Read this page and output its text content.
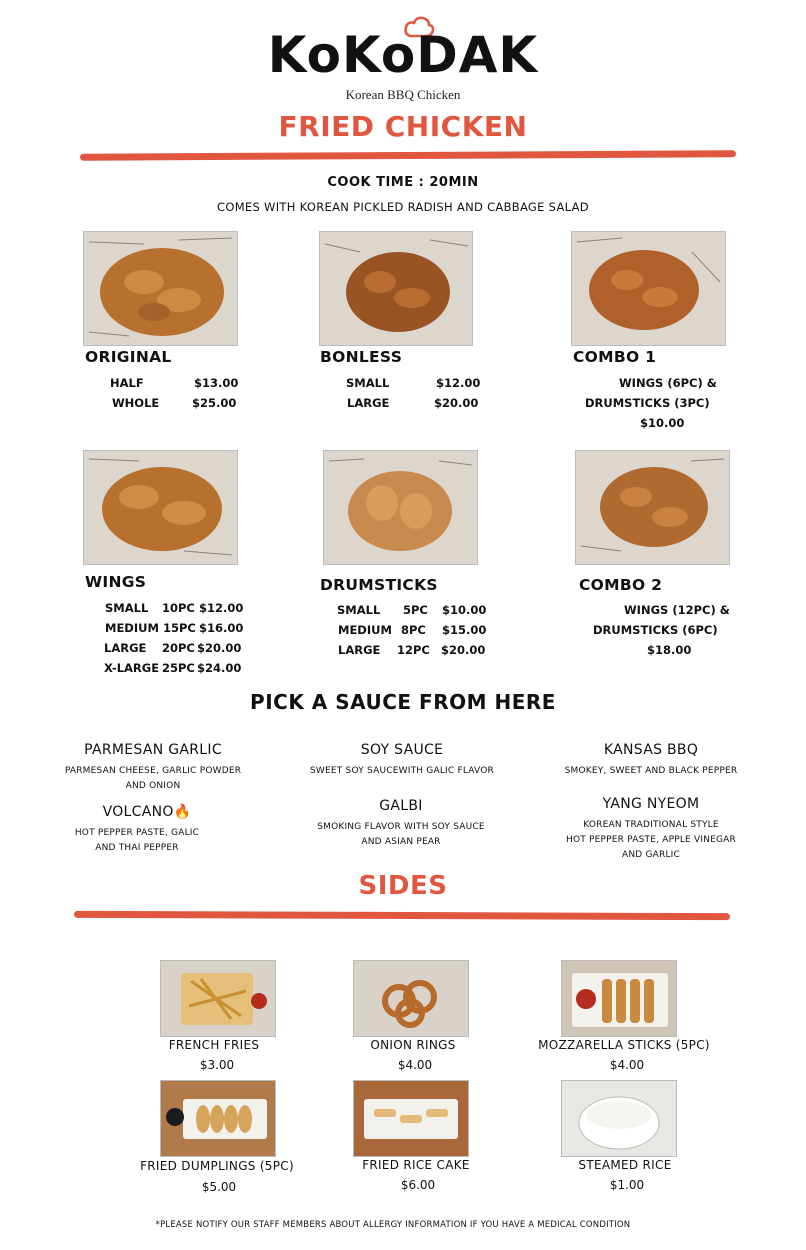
KoKoDAK
Korean BBQ Chicken
FRIED CHICKEN
COOK TIME : 20MIN
COMES WITH KOREAN PICKLED RADISH AND CABBAGE SALAD
ORIGINAL
HALF	$13.00
WHOLE	$25.00
BONLESS
SMALL	$12.00
LARGE	$20.00
COMBO 1
WINGS (6PC) &
DRUMSTICKS (3PC)
$10.00
WINGS
SMALL 10PC $12.00
MEDIUM 15PC $16.00
LARGE 20PC $20.00
X-LARGE 25PC $24.00
DRUMSTICKS
SMALL 5PC $10.00
MEDIUM 8PC $15.00
LARGE 12PC $20.00
COMBO 2
WINGS (12PC) &
DRUMSTICKS (6PC)
$18.00
PICK A SAUCE FROM HERE
PARMESAN GARLIC
PARMESAN CHEESE, GARLIC POWDER
AND ONION
SOY SAUCE
SWEET SOY SAUCEWITH GALIC FLAVOR
KANSAS BBQ
SMOKEY, SWEET AND BLACK PEPPER
VOLCANO🔥
HOT PEPPER PASTE, GALIC
AND THAI PEPPER
GALBI
SMOKING FLAVOR WITH SOY SAUCE
AND ASIAN PEAR
YANG NYEOM
KOREAN TRADITIONAL STYLE
HOT PEPPER PASTE, APPLE VINEGAR
AND GARLIC
SIDES
FRENCH FRIES
$3.00
ONION RINGS
$4.00
MOZZARELLA STICKS (5PC)
$4.00
FRIED DUMPLINGS (5PC)
$5.00
FRIED RICE CAKE
$6.00
STEAMED RICE
$1.00
*PLEASE NOTIFY OUR STAFF MEMBERS ABOUT ALLERGY INFORMATION IF YOU HAVE A MEDICAL CONDITION
